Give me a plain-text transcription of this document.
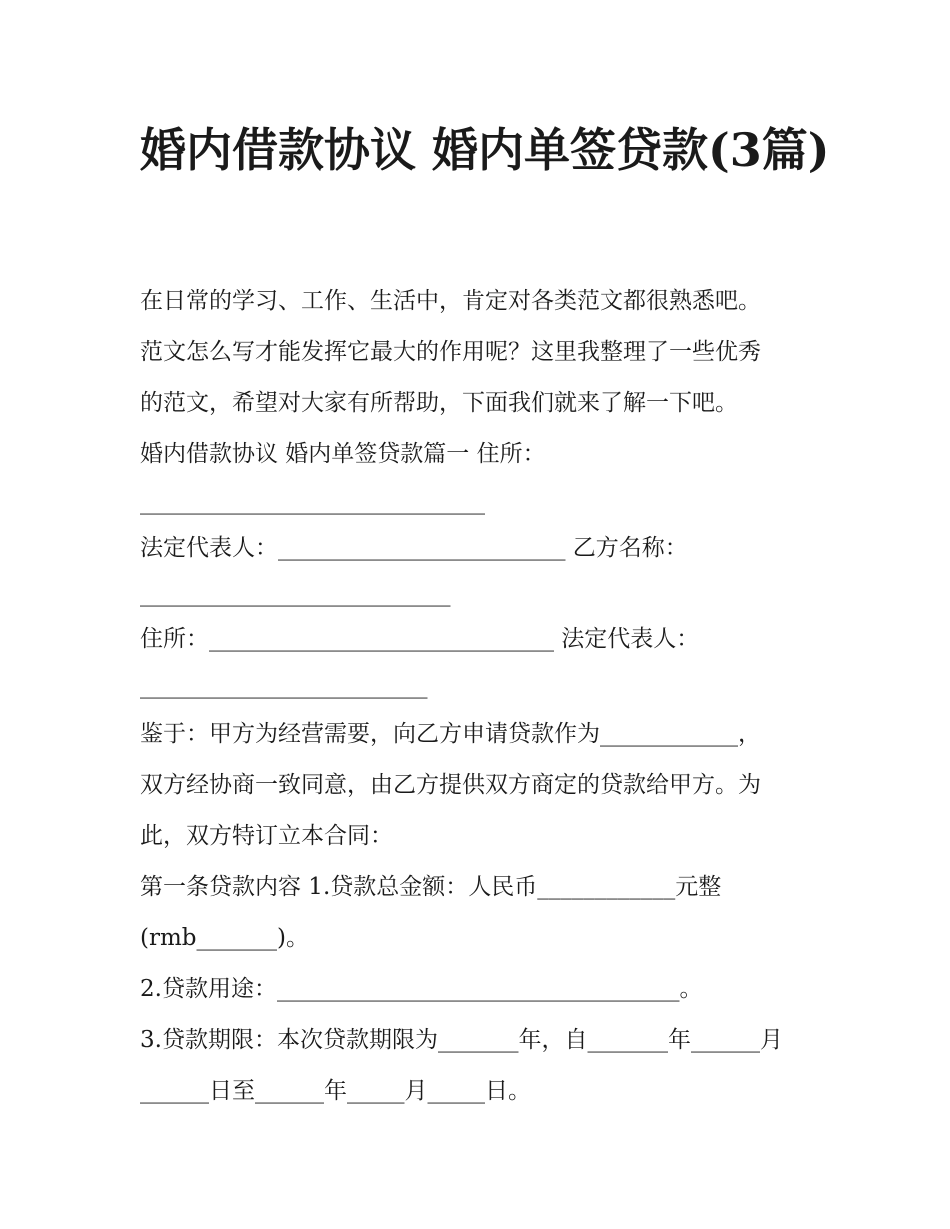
婚内借款协议 婚内单签贷款(3篇)

在日常的学习、工作、生活中，肯定对各类范文都很熟悉吧。

范文怎么写才能发挥它最大的作用呢？这里我整理了一些优秀

的范文，希望对大家有所帮助，下面我们就来了解一下吧。

婚内借款协议 婚内单签贷款篇一 住所：

______________________________

法定代表人：_________________________ 乙方名称：

___________________________

住所：______________________________ 法定代表人：

_________________________

鉴于：甲方为经营需要，向乙方申请贷款作为____________，

双方经协商一致同意，由乙方提供双方商定的贷款给甲方。为

此，双方特订立本合同：

第一条贷款内容 1.贷款总金额：人民币____________元整

(rmb_______)。

2.贷款用途：___________________________________。

3.贷款期限：本次贷款期限为_______年，自_______年______月

______日至______年_____月_____日。
